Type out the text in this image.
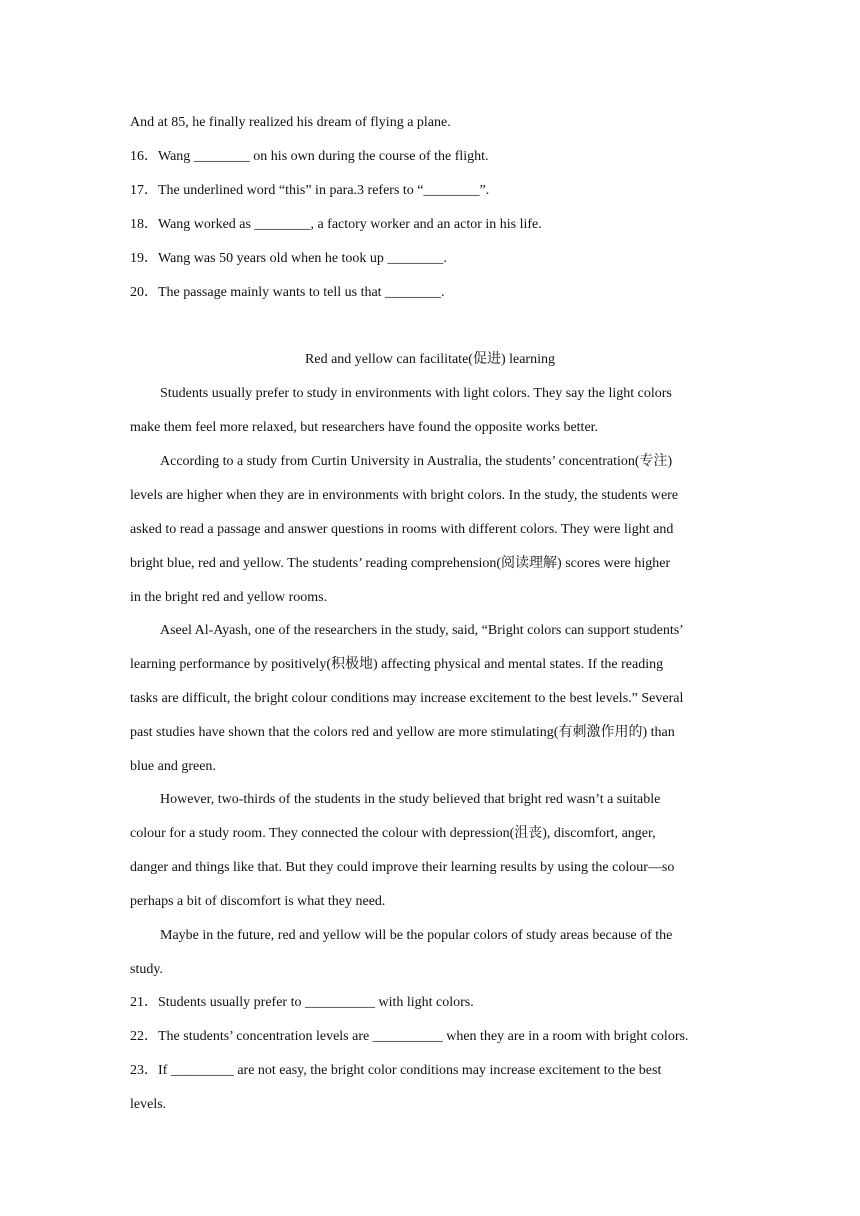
And at 85, he finally realized his dream of flying a plane.
16．Wang ________ on his own during the course of the flight.
17．The underlined word “this” in para.3 refers to “________”.
18．Wang worked as ________, a factory worker and an actor in his life.
19．Wang was 50 years old when he took up ________.
20．The passage mainly wants to tell us that ________.
Red and yellow can facilitate(促进) learning
Students usually prefer to study in environments with light colors. They say the light colors
make them feel more relaxed, but researchers have found the opposite works better.
According to a study from Curtin University in Australia, the students’ concentration(专注)
levels are higher when they are in environments with bright colors. In the study, the students were
asked to read a passage and answer questions in rooms with different colors. They were light and
bright blue, red and yellow. The students’ reading comprehension(阅读理解) scores were higher
in the bright red and yellow rooms.
Aseel Al-Ayash, one of the researchers in the study, said, “Bright colors can support students’
learning performance by positively(积极地) affecting physical and mental states. If the reading
tasks are difficult, the bright colour conditions may increase excitement to the best levels.” Several
past studies have shown that the colors red and yellow are more stimulating(有刺激作用的) than
blue and green.
However, two-thirds of the students in the study believed that bright red wasn’t a suitable
colour for a study room. They connected the colour with depression(沮丧), discomfort, anger,
danger and things like that. But they could improve their learning results by using the colour—so
perhaps a bit of discomfort is what they need.
Maybe in the future, red and yellow will be the popular colors of study areas because of the
study.
21．Students usually prefer to __________ with light colors.
22．The students’ concentration levels are __________ when they are in a room with bright colors.
23．If _________ are not easy, the bright color conditions may increase excitement to the best
levels.
